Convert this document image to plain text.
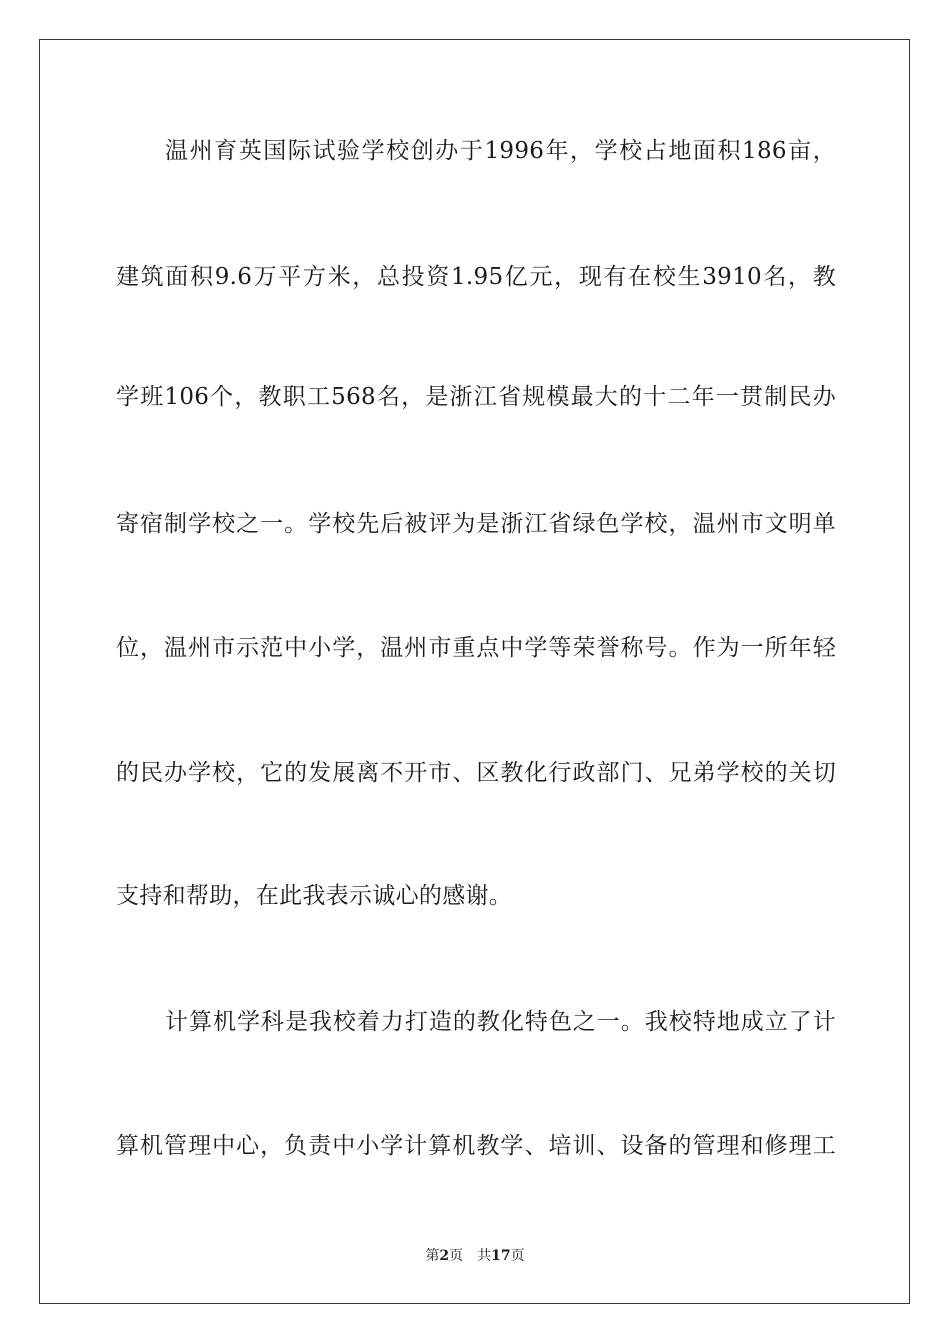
温州育英国际试验学校创办于1996年，学校占地面积186亩，
建筑面积9.6万平方米，总投资1.95亿元，现有在校生3910名，教
学班106个，教职工568名，是浙江省规模最大的十二年一贯制民办
寄宿制学校之一。学校先后被评为是浙江省绿色学校，温州市文明单
位，温州市示范中小学，温州市重点中学等荣誉称号。作为一所年轻
的民办学校，它的发展离不开市、区教化行政部门、兄弟学校的关切
支持和帮助，在此我表示诚心的感谢。
计算机学科是我校着力打造的教化特色之一。我校特地成立了计
算机管理中心，负责中小学计算机教学、培训、设备的管理和修理工
第2页 共17页
